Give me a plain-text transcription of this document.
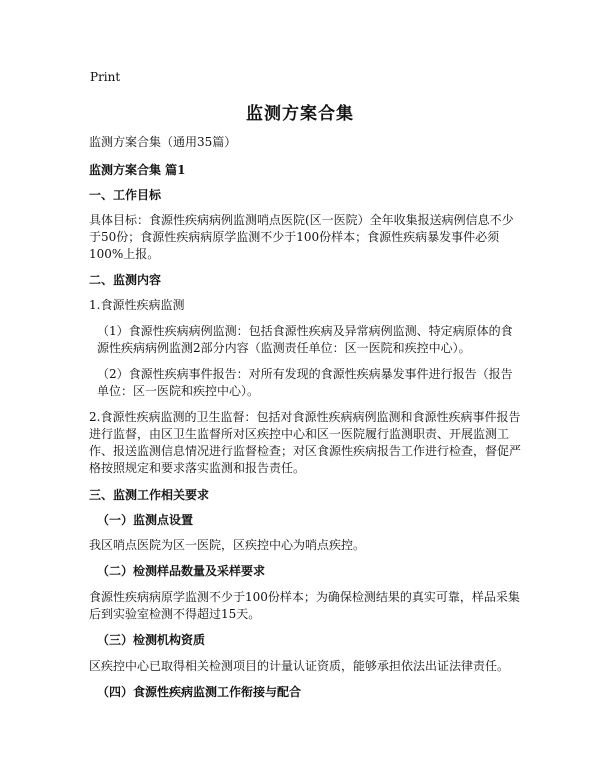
Print
监测方案合集

监测方案合集（通用35篇）

监测方案合集 篇1

一、工作目标

具体目标：食源性疾病病例监测哨点医院(区一医院）全年收集报送病例信息不少于50份；食源性疾病病原学监测不少于100份样本；食源性疾病暴发事件必须100%上报。

二、监测内容

1.食源性疾病监测

（1）食源性疾病病例监测：包括食源性疾病及异常病例监测、特定病原体的食源性疾病病例监测2部分内容（监测责任单位：区一医院和疾控中心）。

（2）食源性疾病事件报告：对所有发现的食源性疾病暴发事件进行报告（报告单位：区一医院和疾控中心）。

2.食源性疾病监测的卫生监督：包括对食源性疾病病例监测和食源性疾病事件报告进行监督，由区卫生监督所对区疾控中心和区一医院履行监测职责、开展监测工作、报送监测信息情况进行监督检查；对区食源性疾病报告工作进行检查，督促严格按照规定和要求落实监测和报告责任。

三、监测工作相关要求

（一）监测点设置

我区哨点医院为区一医院，区疾控中心为哨点疾控。

（二）检测样品数量及采样要求

食源性疾病病原学监测不少于100份样本；为确保检测结果的真实可靠，样品采集后到实验室检测不得超过15天。

（三）检测机构资质

区疾控中心已取得相关检测项目的计量认证资质，能够承担依法出证法律责任。

（四）食源性疾病监测工作衔接与配合
